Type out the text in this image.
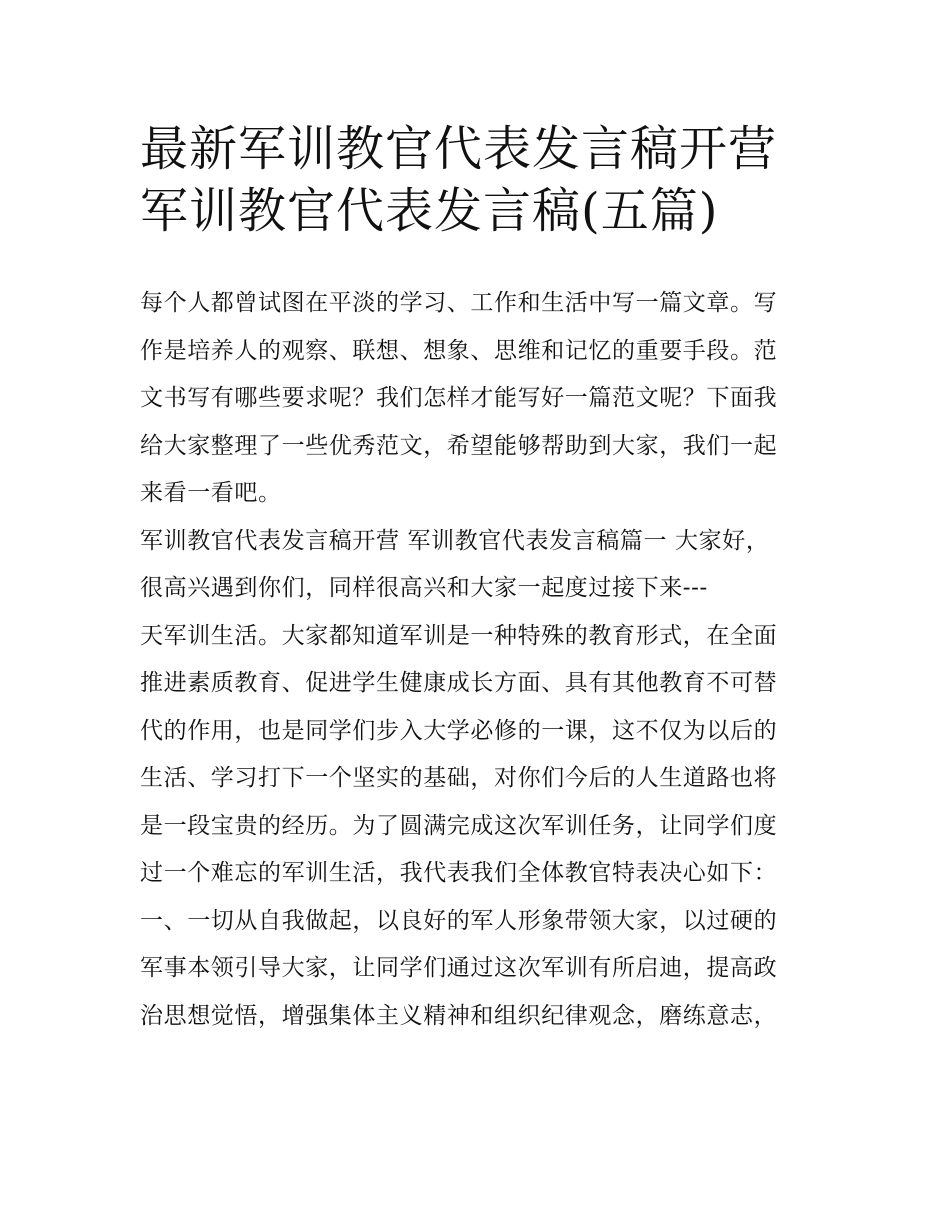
最新军训教官代表发言稿开营
军训教官代表发言稿(五篇)
每个人都曾试图在平淡的学习、工作和生活中写一篇文章。写
作是培养人的观察、联想、想象、思维和记忆的重要手段。范
文书写有哪些要求呢？我们怎样才能写好一篇范文呢？下面我
给大家整理了一些优秀范文，希望能够帮助到大家，我们一起
来看一看吧。
军训教官代表发言稿开营 军训教官代表发言稿篇一 大家好，
很高兴遇到你们，同样很高兴和大家一起度过接下来---
天军训生活。大家都知道军训是一种特殊的教育形式，在全面
推进素质教育、促进学生健康成长方面、具有其他教育不可替
代的作用，也是同学们步入大学必修的一课，这不仅为以后的
生活、学习打下一个坚实的基础，对你们今后的人生道路也将
是一段宝贵的经历。为了圆满完成这次军训任务，让同学们度
过一个难忘的军训生活，我代表我们全体教官特表决心如下：
一、一切从自我做起，以良好的军人形象带领大家，以过硬的
军事本领引导大家，让同学们通过这次军训有所启迪，提高政
治思想觉悟，增强集体主义精神和组织纪律观念，磨练意志，
